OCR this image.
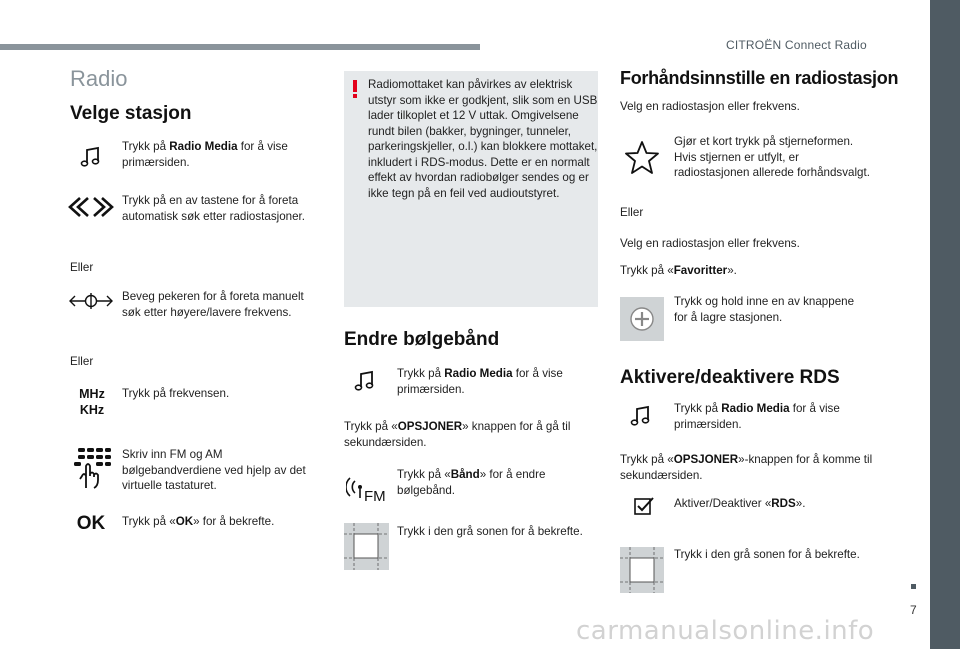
CITROËN Connect Radio
7
carmanualsonline.info
Radio
Velge stasjon
Trykk på Radio Media for å vise primærsiden.
Trykk på en av tastene for å foreta automatisk søk etter radiostasjoner.
Eller
Beveg pekeren for å foreta manuelt søk etter høyere/lavere frekvens.
Eller
MHz
KHz
Trykk på frekvensen.
Skriv inn FM og AM bølgebandverdiene ved hjelp av det virtuelle tastaturet.
OK	Trykk på «OK» for å bekrefte.
Radiomottaket kan påvirkes av elektrisk utstyr som ikke er godkjent, slik som en USB lader tilkoplet et 12 V uttak. Omgivelsene rundt bilen (bakker, bygninger, tunneler, parkeringskjeller, o.l.) kan blokkere mottaket, inkludert i RDS-modus. Dette er en normalt effekt av hvordan radiobølger sendes og er ikke tegn på en feil ved audioutstyret.
Endre bølgebånd
Trykk på Radio Media for å vise primærsiden.
Trykk på «OPSJONER» knappen for å gå til sekundærsiden.
FM
Trykk på «Bånd» for å endre bølgebånd.
Trykk i den grå sonen for å bekrefte.
Forhåndsinnstille en radiostasjon
Velg en radiostasjon eller frekvens.
Gjør et kort trykk på stjerneformen. Hvis stjernen er utfylt, er radiostasjonen allerede forhåndsvalgt.
Eller
Velg en radiostasjon eller frekvens.
Trykk på «Favoritter».
Trykk og hold inne en av knappene for å lagre stasjonen.
Aktivere/deaktivere RDS
Trykk på Radio Media for å vise primærsiden.
Trykk på «OPSJONER»-knappen for å komme til sekundærsiden.
Aktiver/Deaktiver «RDS».
Trykk i den grå sonen for å bekrefte.
